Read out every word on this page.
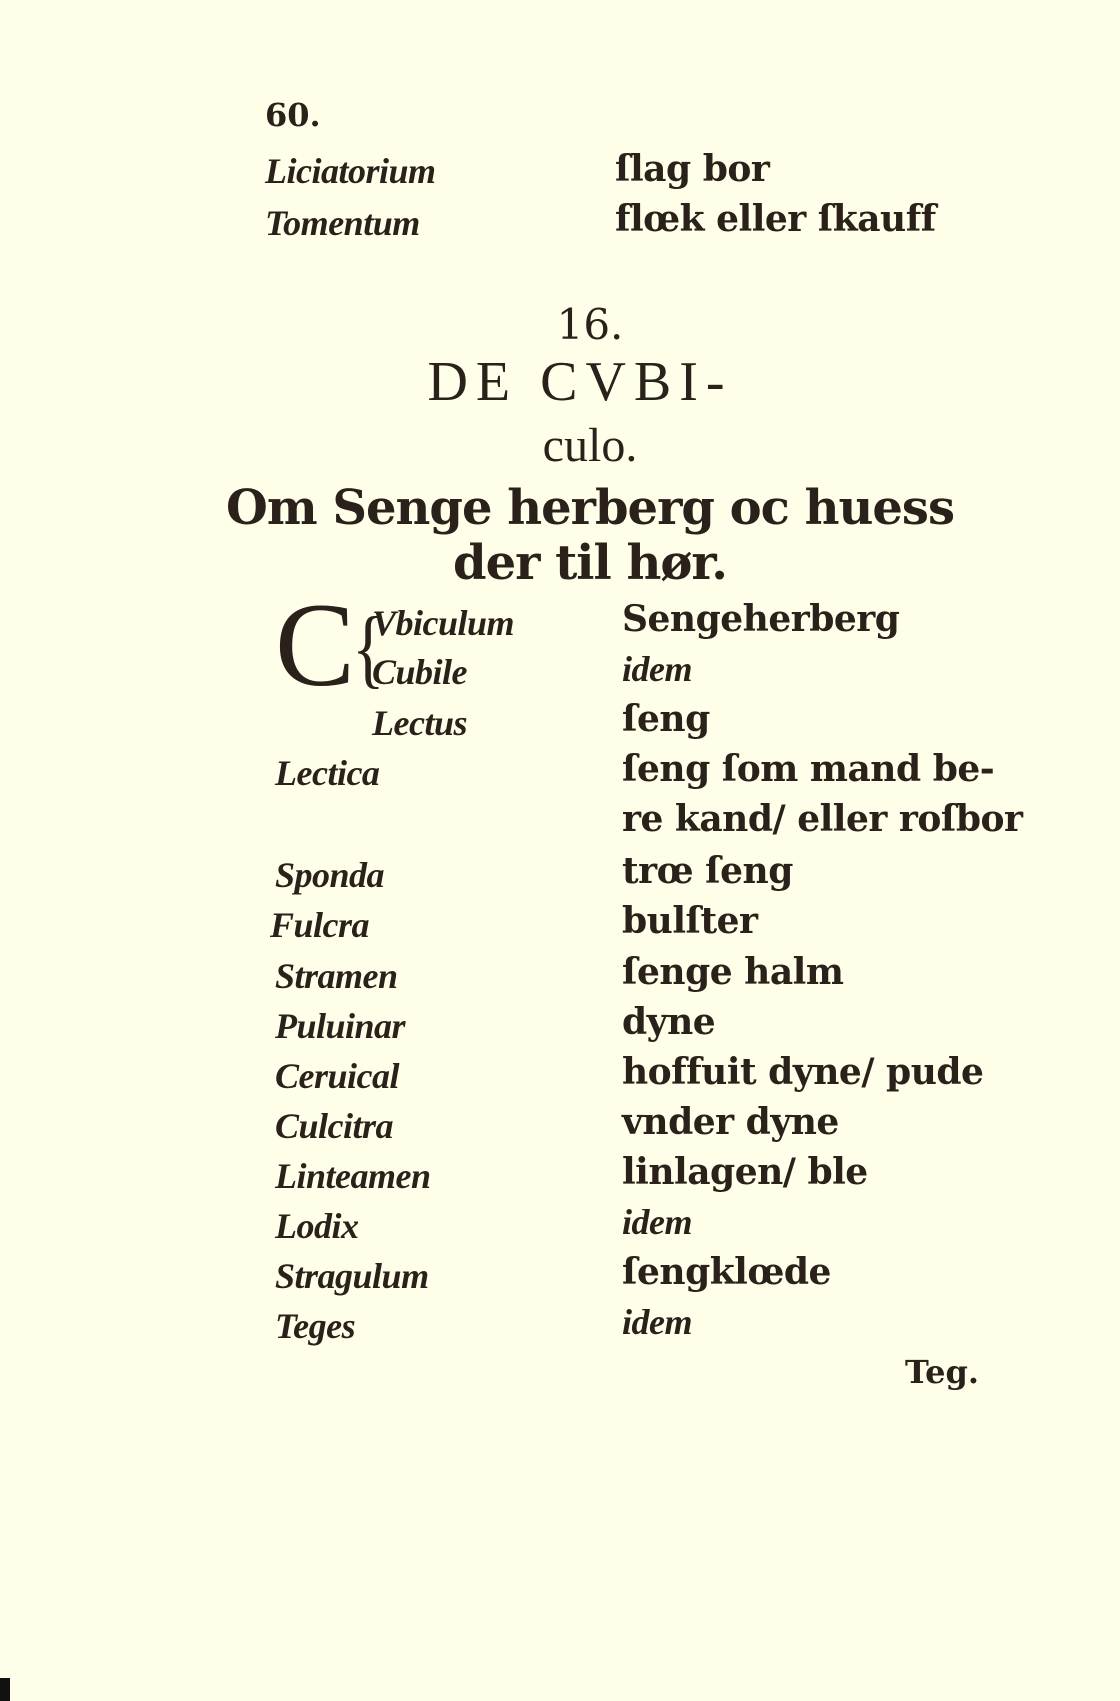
60.
Liciatorium	ſlag bor
Tomentum	flœk eller ſkauff
16.
DE CVBI-
culo.
Om Senge herberg oc huess
der til hør.
C
{
Vbiculum	Sengeherberg
Cubile	idem
Lectus	ſeng
Lectica	ſeng ſom mand be-
re kand/ eller roſbor
Sponda	trœ ſeng
Fulcra	bulſter
Stramen	ſenge halm
Puluinar	dyne
Ceruical	hoffuit dyne/ pude
Culcitra	vnder dyne
Linteamen	linlagen/ ble
Lodix	idem
Stragulum	ſengklœde
Teges	idem
Teg.
